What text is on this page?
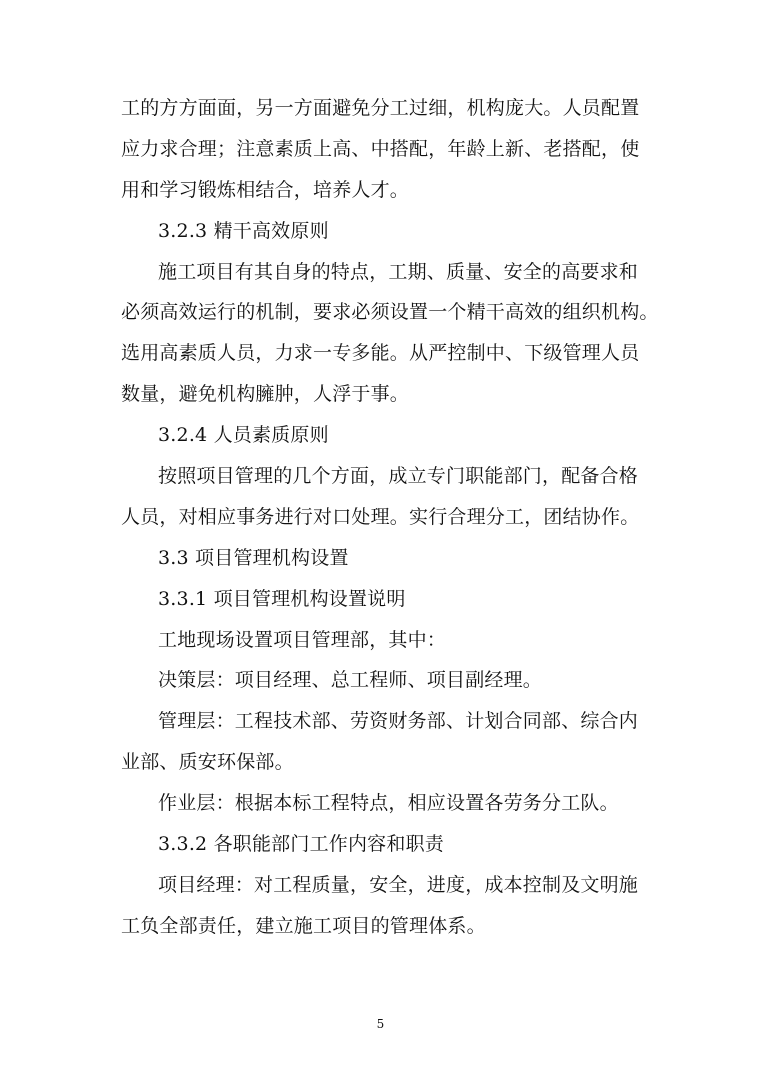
工的方方面面，另一方面避免分工过细，机构庞大。人员配置
应力求合理；注意素质上高、中搭配，年龄上新、老搭配，使
用和学习锻炼相结合，培养人才。
3.2.3 精干高效原则
施工项目有其自身的特点，工期、质量、安全的高要求和
必须高效运行的机制，要求必须设置一个精干高效的组织机构。
选用高素质人员，力求一专多能。从严控制中、下级管理人员
数量，避免机构臃肿，人浮于事。
3.2.4 人员素质原则
按照项目管理的几个方面，成立专门职能部门，配备合格
人员，对相应事务进行对口处理。实行合理分工，团结协作。
3.3 项目管理机构设置
3.3.1 项目管理机构设置说明
工地现场设置项目管理部，其中：
决策层：项目经理、总工程师、项目副经理。
管理层：工程技术部、劳资财务部、计划合同部、综合内
业部、质安环保部。
作业层：根据本标工程特点，相应设置各劳务分工队。
3.3.2 各职能部门工作内容和职责
项目经理：对工程质量，安全，进度，成本控制及文明施
工负全部责任，建立施工项目的管理体系。
5
